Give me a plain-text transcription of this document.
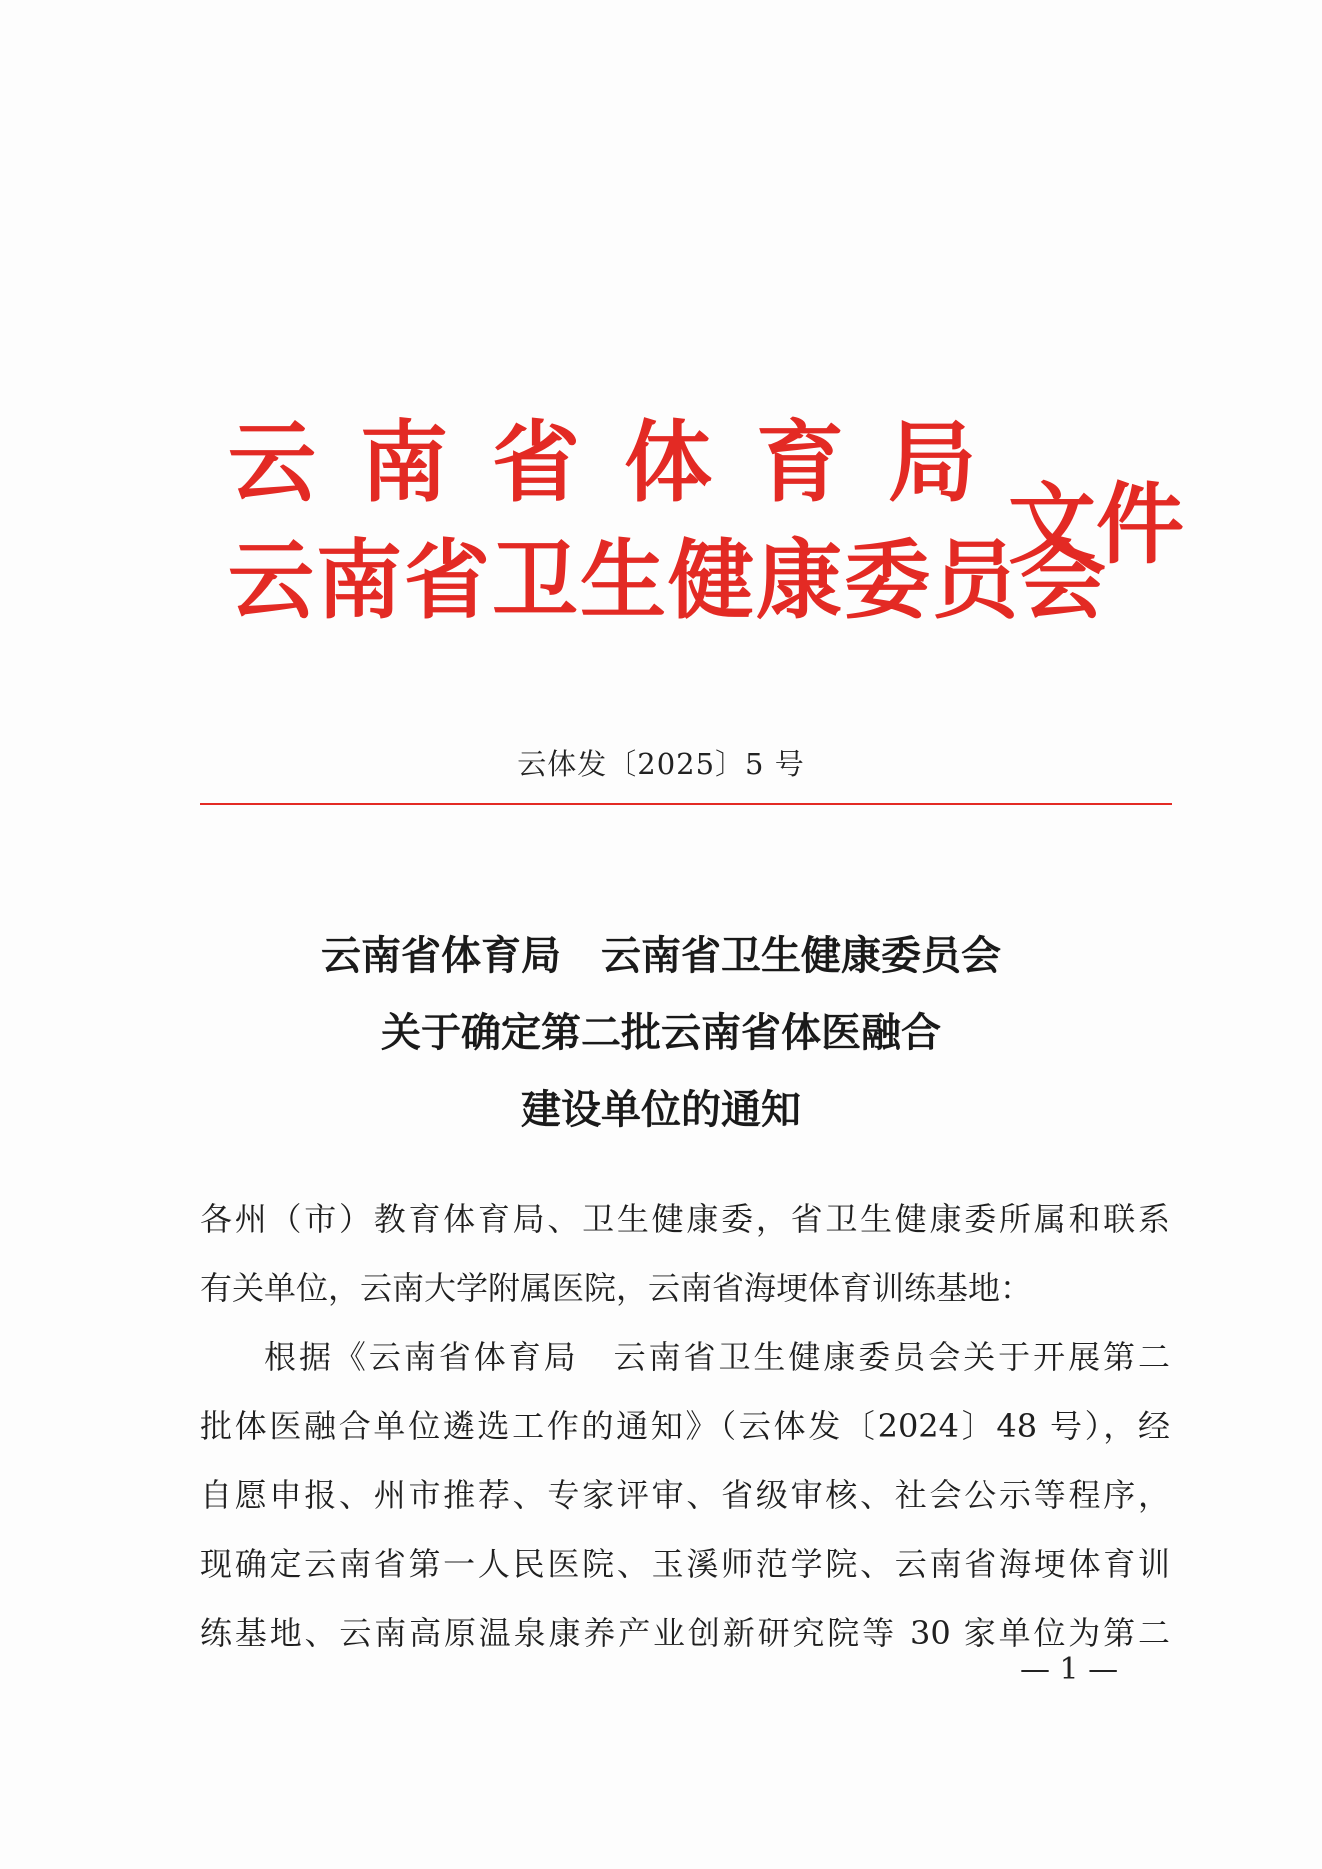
云南省体育局
云南省卫生健康委员会
文件
云体发〔2025〕5 号
云南省体育局　云南省卫生健康委员会
关于确定第二批云南省体医融合
建设单位的通知
各州（市）教育体育局、卫生健康委，省卫生健康委所属和联系
有关单位，云南大学附属医院，云南省海埂体育训练基地：
根据《云南省体育局　云南省卫生健康委员会关于开展第二
批体医融合单位遴选工作的通知》（云体发〔2024〕48 号），经
自愿申报、州市推荐、专家评审、省级审核、社会公示等程序，
现确定云南省第一人民医院、玉溪师范学院、云南省海埂体育训
练基地、云南高原温泉康养产业创新研究院等 30 家单位为第二
— 1 —
